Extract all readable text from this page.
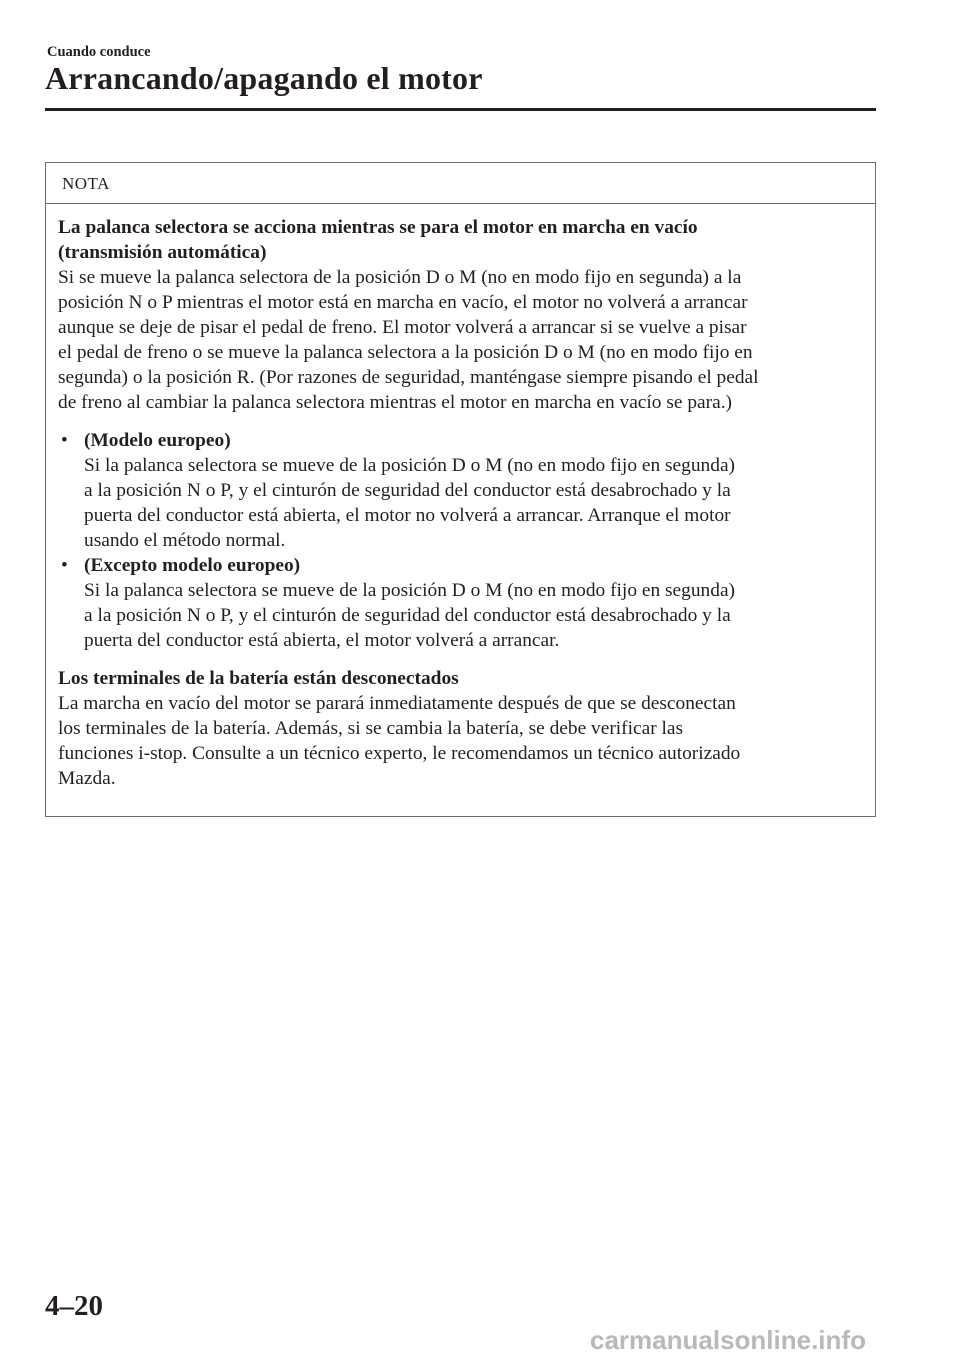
Cuando conduce
Arrancando/apagando el motor
NOTA
La palanca selectora se acciona mientras se para el motor en marcha en vacío
(transmisión automática)
Si se mueve la palanca selectora de la posición D o M (no en modo fijo en segunda) a la
posición N o P mientras el motor está en marcha en vacío, el motor no volverá a arrancar
aunque se deje de pisar el pedal de freno. El motor volverá a arrancar si se vuelve a pisar
el pedal de freno o se mueve la palanca selectora a la posición D o M (no en modo fijo en
segunda) o la posición R. (Por razones de seguridad, manténgase siempre pisando el pedal
de freno al cambiar la palanca selectora mientras el motor en marcha en vacío se para.)
• (Modelo europeo)
Si la palanca selectora se mueve de la posición D o M (no en modo fijo en segunda)
a la posición N o P, y el cinturón de seguridad del conductor está desabrochado y la
puerta del conductor está abierta, el motor no volverá a arrancar. Arranque el motor
usando el método normal.
• (Excepto modelo europeo)
Si la palanca selectora se mueve de la posición D o M (no en modo fijo en segunda)
a la posición N o P, y el cinturón de seguridad del conductor está desabrochado y la
puerta del conductor está abierta, el motor volverá a arrancar.
Los terminales de la batería están desconectados
La marcha en vacío del motor se parará inmediatamente después de que se desconectan
los terminales de la batería. Además, si se cambia la batería, se debe verificar las
funciones i-stop. Consulte a un técnico experto, le recomendamos un técnico autorizado
Mazda.
4–20
carmanualsonline.info
